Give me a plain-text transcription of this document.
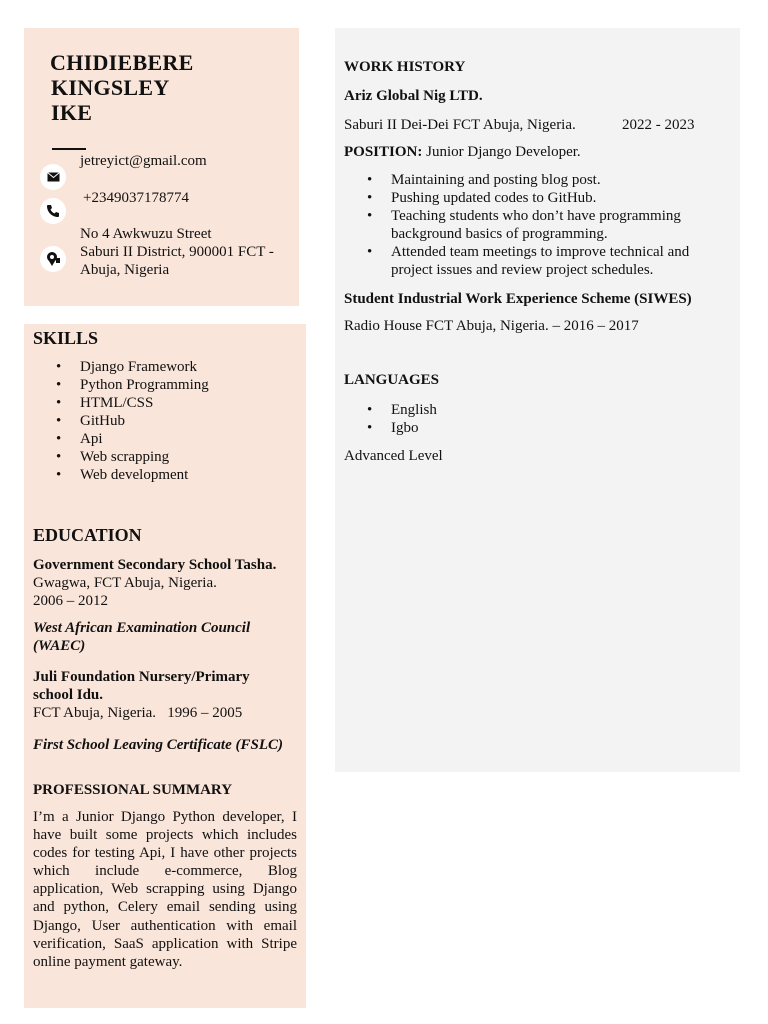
CHIDIEBERE
KINGSLEY
IKE
jetreyict@gmail.com
+2349037178774
No 4 Awkwuzu Street
Saburi II District, 900001 FCT -
Abuja, Nigeria
SKILLS
• Django Framework
• Python Programming
• HTML/CSS
• GitHub
• Api
• Web scrapping
• Web development
EDUCATION
Government Secondary School Tasha.
Gwagwa, FCT Abuja, Nigeria.
2006 – 2012
West African Examination Council
(WAEC)
Juli Foundation Nursery/Primary
school Idu.
FCT Abuja, Nigeria.   1996 – 2005
First School Leaving Certificate (FSLC)
PROFESSIONAL SUMMARY
I’m a Junior Django Python developer, I have built some projects which includes codes for testing Api, I have other projects which include e-commerce, Blog application, Web scrapping using Django and python, Celery email sending using Django, User authentication with email verification, SaaS application with Stripe online payment gateway.
WORK HISTORY
Ariz Global Nig LTD.
Saburi II Dei-Dei FCT Abuja, Nigeria.	2022 - 2023
POSITION: Junior Django Developer.
• Maintaining and posting blog post.
• Pushing updated codes to GitHub.
• Teaching students who don’t have programming background basics of programming.
• Attended team meetings to improve technical and project issues and review project schedules.
Student Industrial Work Experience Scheme (SIWES)
Radio House FCT Abuja, Nigeria. – 2016 – 2017
LANGUAGES
• English
• Igbo
Advanced Level
